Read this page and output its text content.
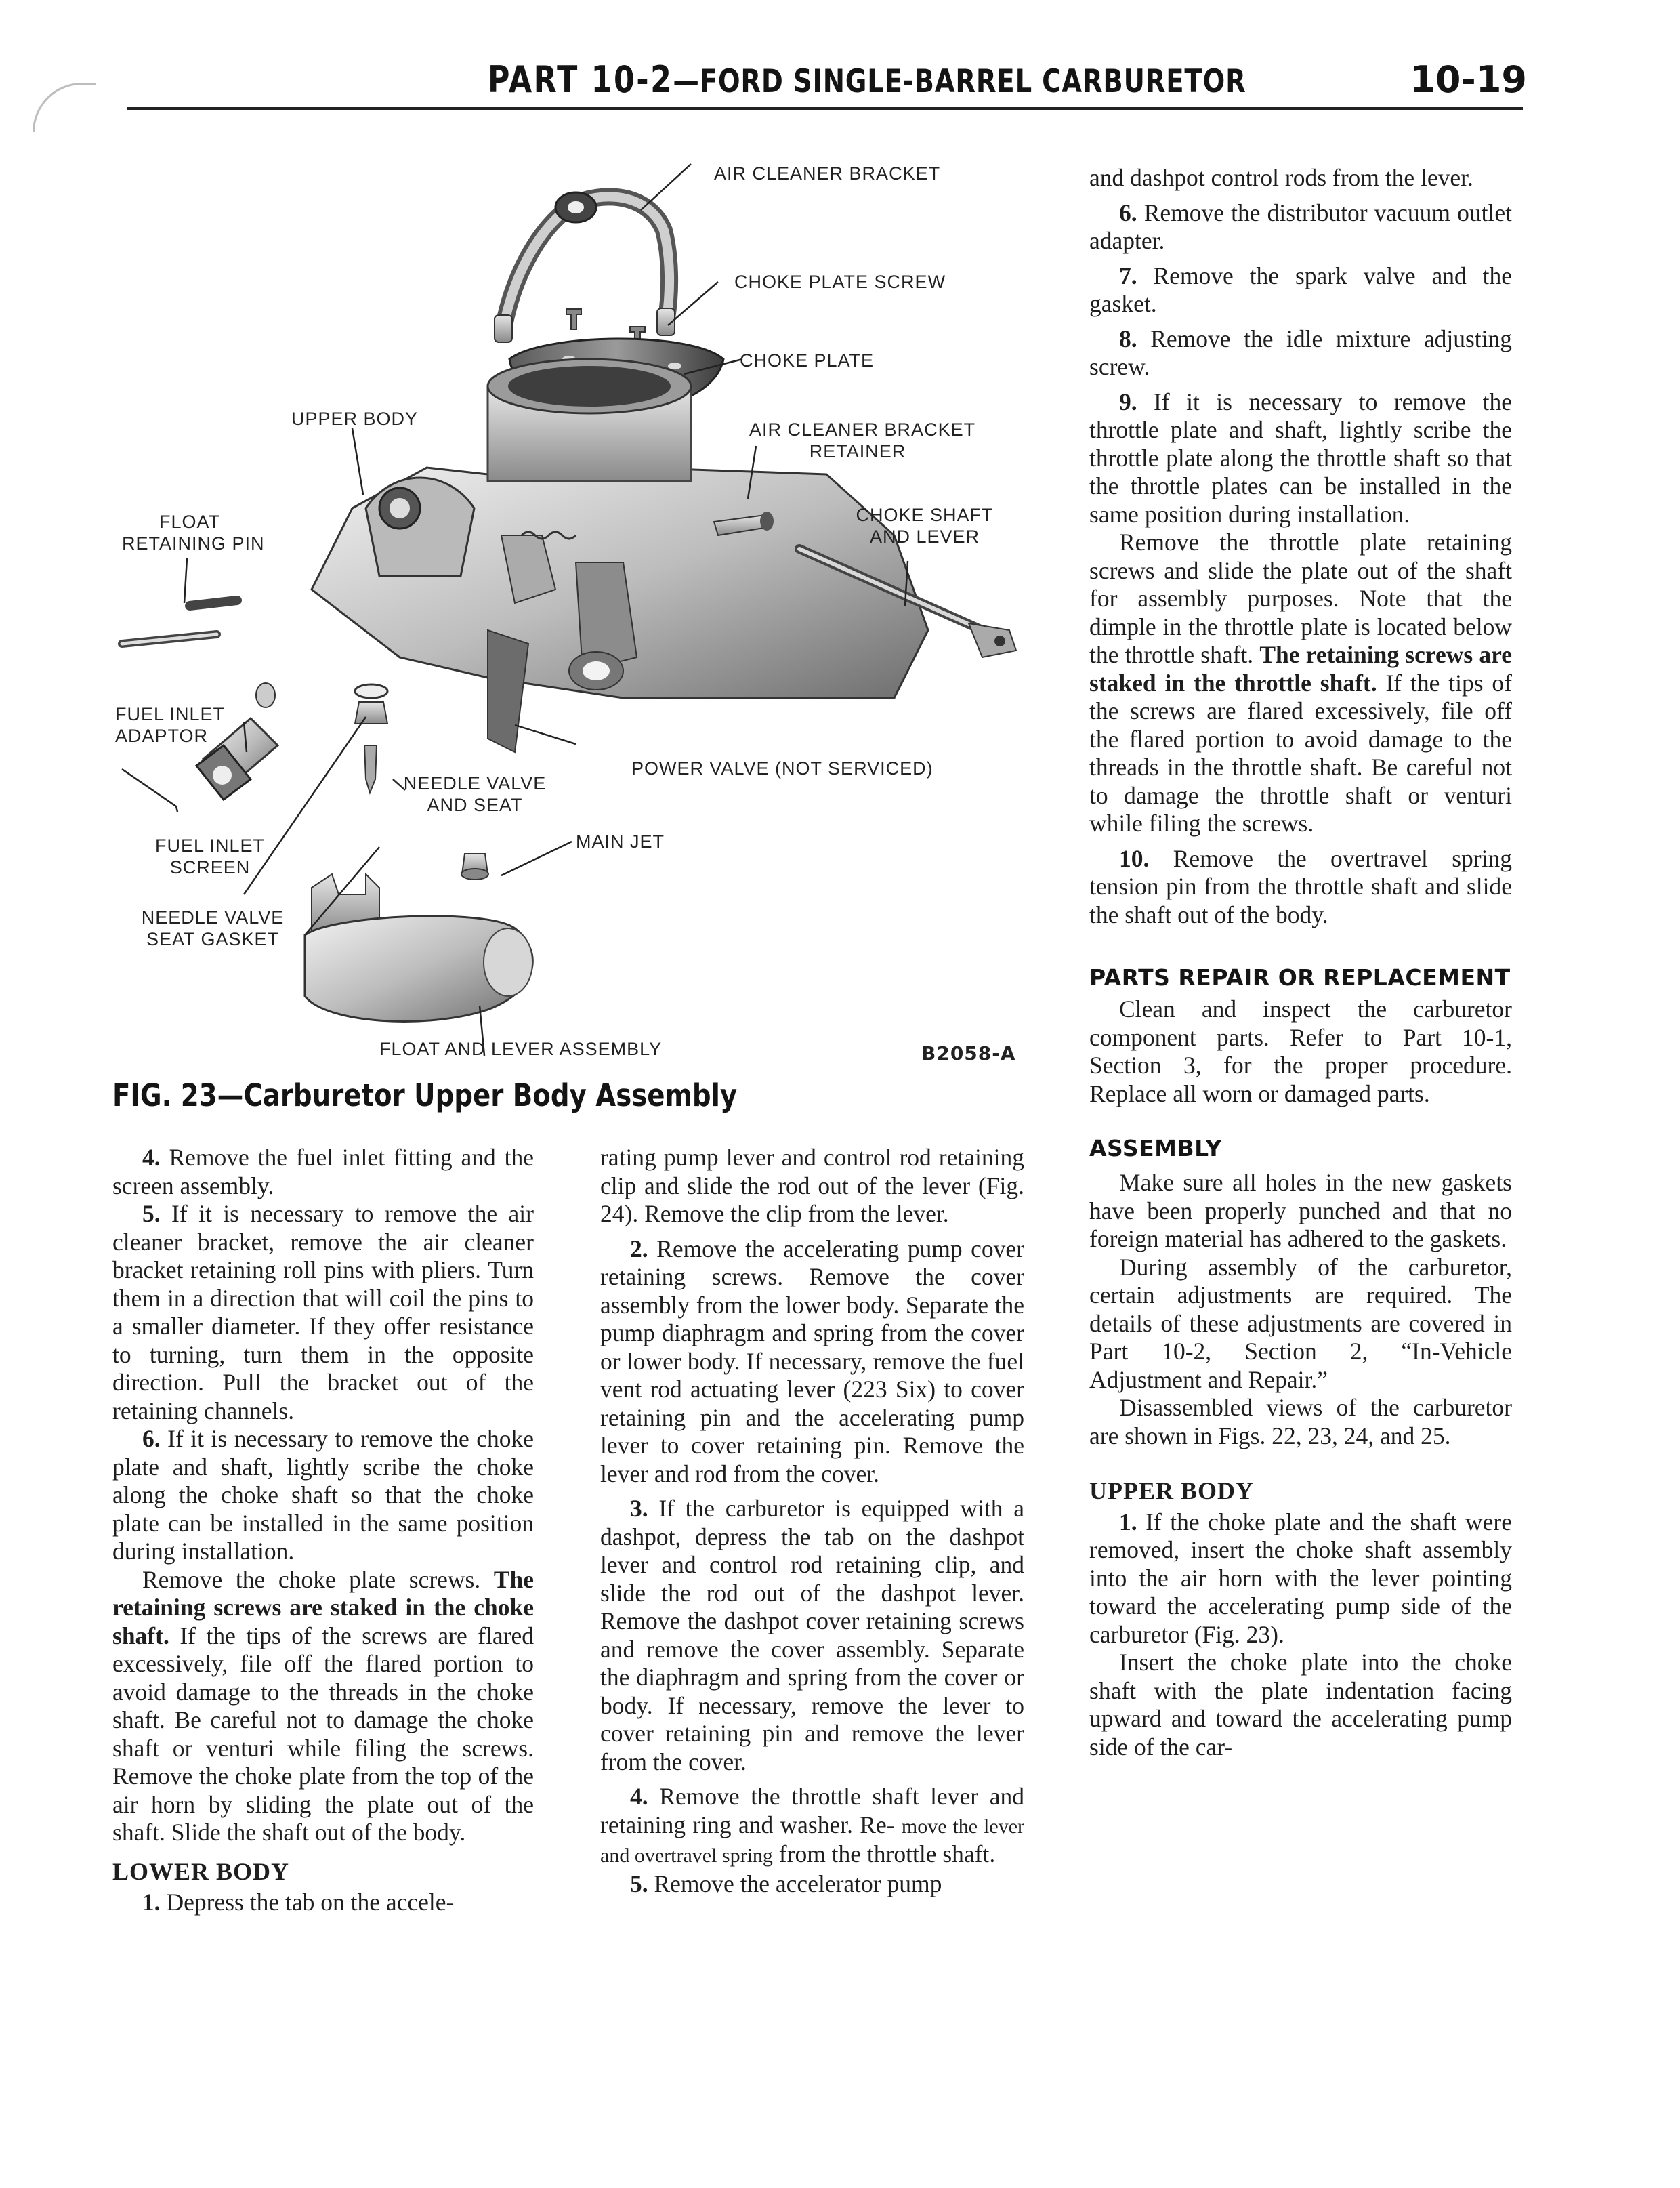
PART 10-2—FORD SINGLE-BARREL CARBURETOR	10-19
AIR CLEANER BRACKET
CHOKE PLATE SCREW
CHOKE PLATE
UPPER BODY
AIR CLEANER BRACKET
RETAINER
FLOAT
RETAINING PIN
CHOKE SHAFT
AND LEVER
FUEL INLET
ADAPTOR
POWER VALVE (NOT SERVICED)
NEEDLE VALVE
AND SEAT
FUEL INLET
SCREEN
MAIN JET
NEEDLE VALVE
SEAT GASKET
FLOAT AND LEVER ASSEMBLY	B2058-A
FIG. 23—Carburetor Upper Body Assembly

4. Remove the fuel inlet fitting and the screen assembly.

5. If it is necessary to remove the air cleaner bracket, remove the air cleaner bracket retaining roll pins with pliers. Turn them in a direction that will coil the pins to a smaller diameter. If they offer resistance to turning, turn them in the opposite direction. Pull the bracket out of the retaining channels.

6. If it is necessary to remove the choke plate and shaft, lightly scribe the choke along the choke shaft so that the choke plate can be installed in the same position during installation.

Remove the choke plate screws. The retaining screws are staked in the choke shaft. If the tips of the screws are flared excessively, file off the flared portion to avoid damage to the threads in the choke shaft. Be careful not to damage the choke shaft or venturi while filing the screws. Remove the choke plate from the top of the air horn by sliding the plate out of the shaft. Slide the shaft out of the body.

LOWER BODY

1. Depress the tab on the accele-

rating pump lever and control rod retaining clip and slide the rod out of the lever (Fig. 24). Remove the clip from the lever.

2. Remove the accelerating pump cover retaining screws. Remove the cover assembly from the lower body. Separate the pump diaphragm and spring from the cover or lower body. If necessary, remove the fuel vent rod actuating lever (223 Six) to cover retaining pin and the accelerating pump lever to cover retaining pin. Remove the lever and rod from the cover.

3. If the carburetor is equipped with a dashpot, depress the tab on the dashpot lever and control rod retaining clip, and slide the rod out of the dashpot lever. Remove the dashpot cover retaining screws and remove the cover assembly. Separate the diaphragm and spring from the cover or body. If necessary, remove the lever to cover retaining pin and remove the lever from the cover.

4. Remove the throttle shaft lever and retaining ring and washer. Re- move the lever and overtravel spring from the throttle shaft.

5. Remove the accelerator pump

and dashpot control rods from the lever.

6. Remove the distributor vacuum outlet adapter.

7. Remove the spark valve and the gasket.

8. Remove the idle mixture adjusting screw.

9. If it is necessary to remove the throttle plate and shaft, lightly scribe the throttle plate along the throttle shaft so that the throttle plates can be installed in the same position during installation.

Remove the throttle plate retaining screws and slide the plate out of the shaft for assembly purposes. Note that the dimple in the throttle plate is located below the throttle shaft. The retaining screws are staked in the throttle shaft. If the tips of the screws are flared excessively, file off the flared portion to avoid damage to the threads in the throttle shaft. Be careful not to damage the throttle shaft or venturi while filing the screws.

10. Remove the overtravel spring tension pin from the throttle shaft and slide the shaft out of the body.

PARTS REPAIR OR REPLACEMENT

Clean and inspect the carburetor component parts. Refer to Part 10-1, Section 3, for the proper procedure. Replace all worn or damaged parts.

ASSEMBLY

Make sure all holes in the new gaskets have been properly punched and that no foreign material has adhered to the gaskets.

During assembly of the carburetor, certain adjustments are required. The details of these adjustments are covered in Part 10-2, Section 2, “In-Vehicle Adjustment and Repair.”

Disassembled views of the carburetor are shown in Figs. 22, 23, 24, and 25.

UPPER BODY

1. If the choke plate and the shaft were removed, insert the choke shaft assembly into the air horn with the lever pointing toward the accelerating pump side of the carburetor (Fig. 23).

Insert the choke plate into the choke shaft with the plate indentation facing upward and toward the accelerating pump side of the car-
